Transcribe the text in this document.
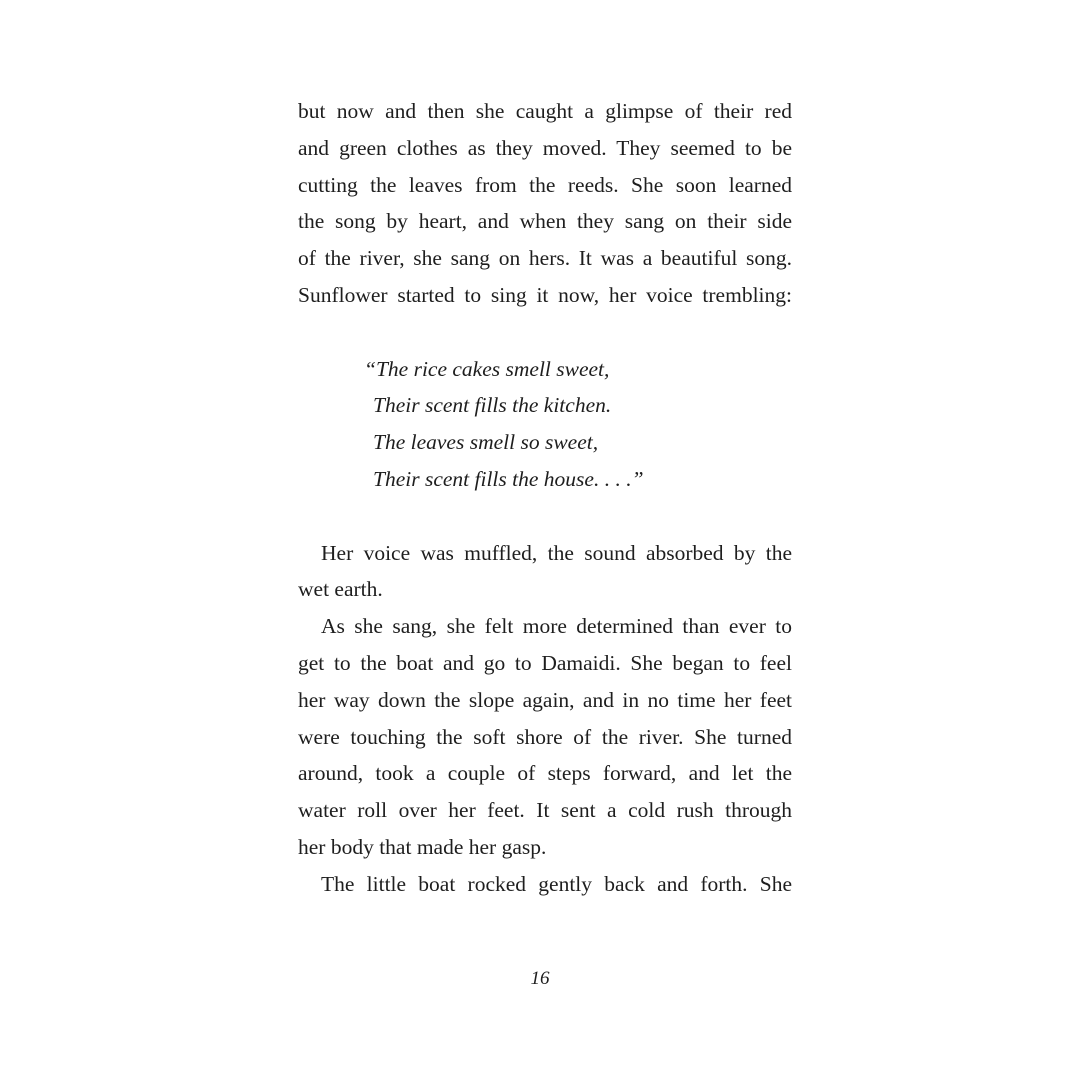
but now and then she caught a glimpse of their red
and green clothes as they moved. They seemed to be
cutting the leaves from the reeds. She soon learned
the song by heart, and when they sang on their side
of the river, she sang on hers. It was a beautiful song.
Sunflower started to sing it now, her voice trembling:
“The rice cakes smell sweet,
Their scent fills the kitchen.
The leaves smell so sweet,
Their scent fills the house. . . .”
Her voice was muffled, the sound absorbed by the
wet earth.
As she sang, she felt more determined than ever to
get to the boat and go to Damaidi. She began to feel
her way down the slope again, and in no time her feet
were touching the soft shore of the river. She turned
around, took a couple of steps forward, and let the
water roll over her feet. It sent a cold rush through
her body that made her gasp.
The little boat rocked gently back and forth. She
16
